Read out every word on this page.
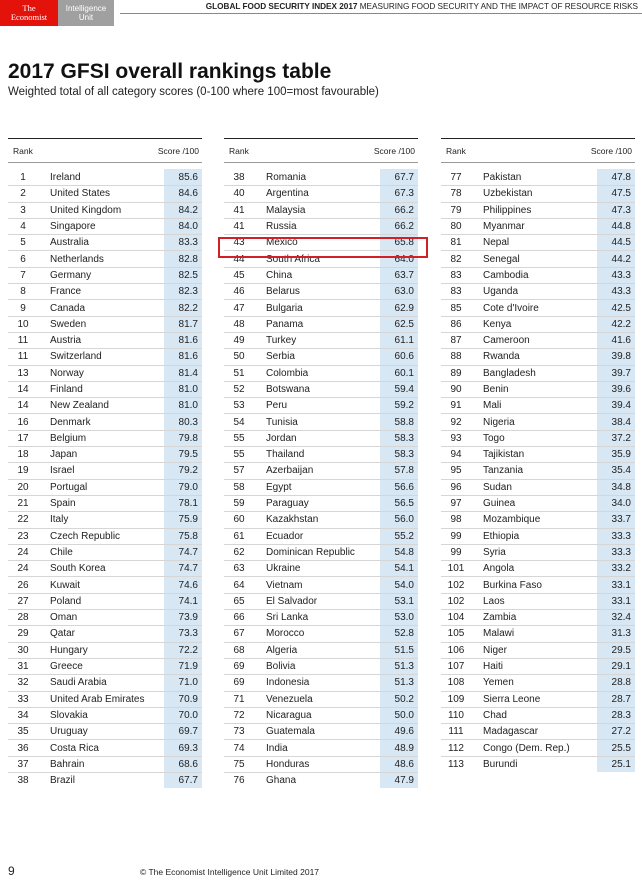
The
Economist
Intelligence
Unit
GLOBAL FOOD SECURITY INDEX 2017 MEASURING FOOD SECURITY AND THE IMPACT OF RESOURCE RISKS
2017 GFSI overall rankings table
Weighted total of all category scores (0-100 where 100=most favourable)
Rank	Score /100
1	Ireland	85.6
2	United States	84.6
3	United Kingdom	84.2
4	Singapore	84.0
5	Australia	83.3
6	Netherlands	82.8
7	Germany	82.5
8	France	82.3
9	Canada	82.2
10	Sweden	81.7
11	Austria	81.6
11	Switzerland	81.6
13	Norway	81.4
14	Finland	81.0
14	New Zealand	81.0
16	Denmark	80.3
17	Belgium	79.8
18	Japan	79.5
19	Israel	79.2
20	Portugal	79.0
21	Spain	78.1
22	Italy	75.9
23	Czech Republic	75.8
24	Chile	74.7
24	South Korea	74.7
26	Kuwait	74.6
27	Poland	74.1
28	Oman	73.9
29	Qatar	73.3
30	Hungary	72.2
31	Greece	71.9
32	Saudi Arabia	71.0
33	United Arab Emirates	70.9
34	Slovakia	70.0
35	Uruguay	69.7
36	Costa Rica	69.3
37	Bahrain	68.6
38	Brazil	67.7
Rank	Score /100
38	Romania	67.7
40	Argentina	67.3
41	Malaysia	66.2
41	Russia	66.2
43	Mexico	65.8
44	South Africa	64.0
45	China	63.7
46	Belarus	63.0
47	Bulgaria	62.9
48	Panama	62.5
49	Turkey	61.1
50	Serbia	60.6
51	Colombia	60.1
52	Botswana	59.4
53	Peru	59.2
54	Tunisia	58.8
55	Jordan	58.3
55	Thailand	58.3
57	Azerbaijan	57.8
58	Egypt	56.6
59	Paraguay	56.5
60	Kazakhstan	56.0
61	Ecuador	55.2
62	Dominican Republic	54.8
63	Ukraine	54.1
64	Vietnam	54.0
65	El Salvador	53.1
66	Sri Lanka	53.0
67	Morocco	52.8
68	Algeria	51.5
69	Bolivia	51.3
69	Indonesia	51.3
71	Venezuela	50.2
72	Nicaragua	50.0
73	Guatemala	49.6
74	India	48.9
75	Honduras	48.6
76	Ghana	47.9
Rank	Score /100
77	Pakistan	47.8
78	Uzbekistan	47.5
79	Philippines	47.3
80	Myanmar	44.8
81	Nepal	44.5
82	Senegal	44.2
83	Cambodia	43.3
83	Uganda	43.3
85	Cote d'Ivoire	42.5
86	Kenya	42.2
87	Cameroon	41.6
88	Rwanda	39.8
89	Bangladesh	39.7
90	Benin	39.6
91	Mali	39.4
92	Nigeria	38.4
93	Togo	37.2
94	Tajikistan	35.9
95	Tanzania	35.4
96	Sudan	34.8
97	Guinea	34.0
98	Mozambique	33.7
99	Ethiopia	33.3
99	Syria	33.3
101	Angola	33.2
102	Burkina Faso	33.1
102	Laos	33.1
104	Zambia	32.4
105	Malawi	31.3
106	Niger	29.5
107	Haiti	29.1
108	Yemen	28.8
109	Sierra Leone	28.7
110	Chad	28.3
111	Madagascar	27.2
112	Congo (Dem. Rep.)	25.5
113	Burundi	25.1
9	© The Economist Intelligence Unit Limited 2017
